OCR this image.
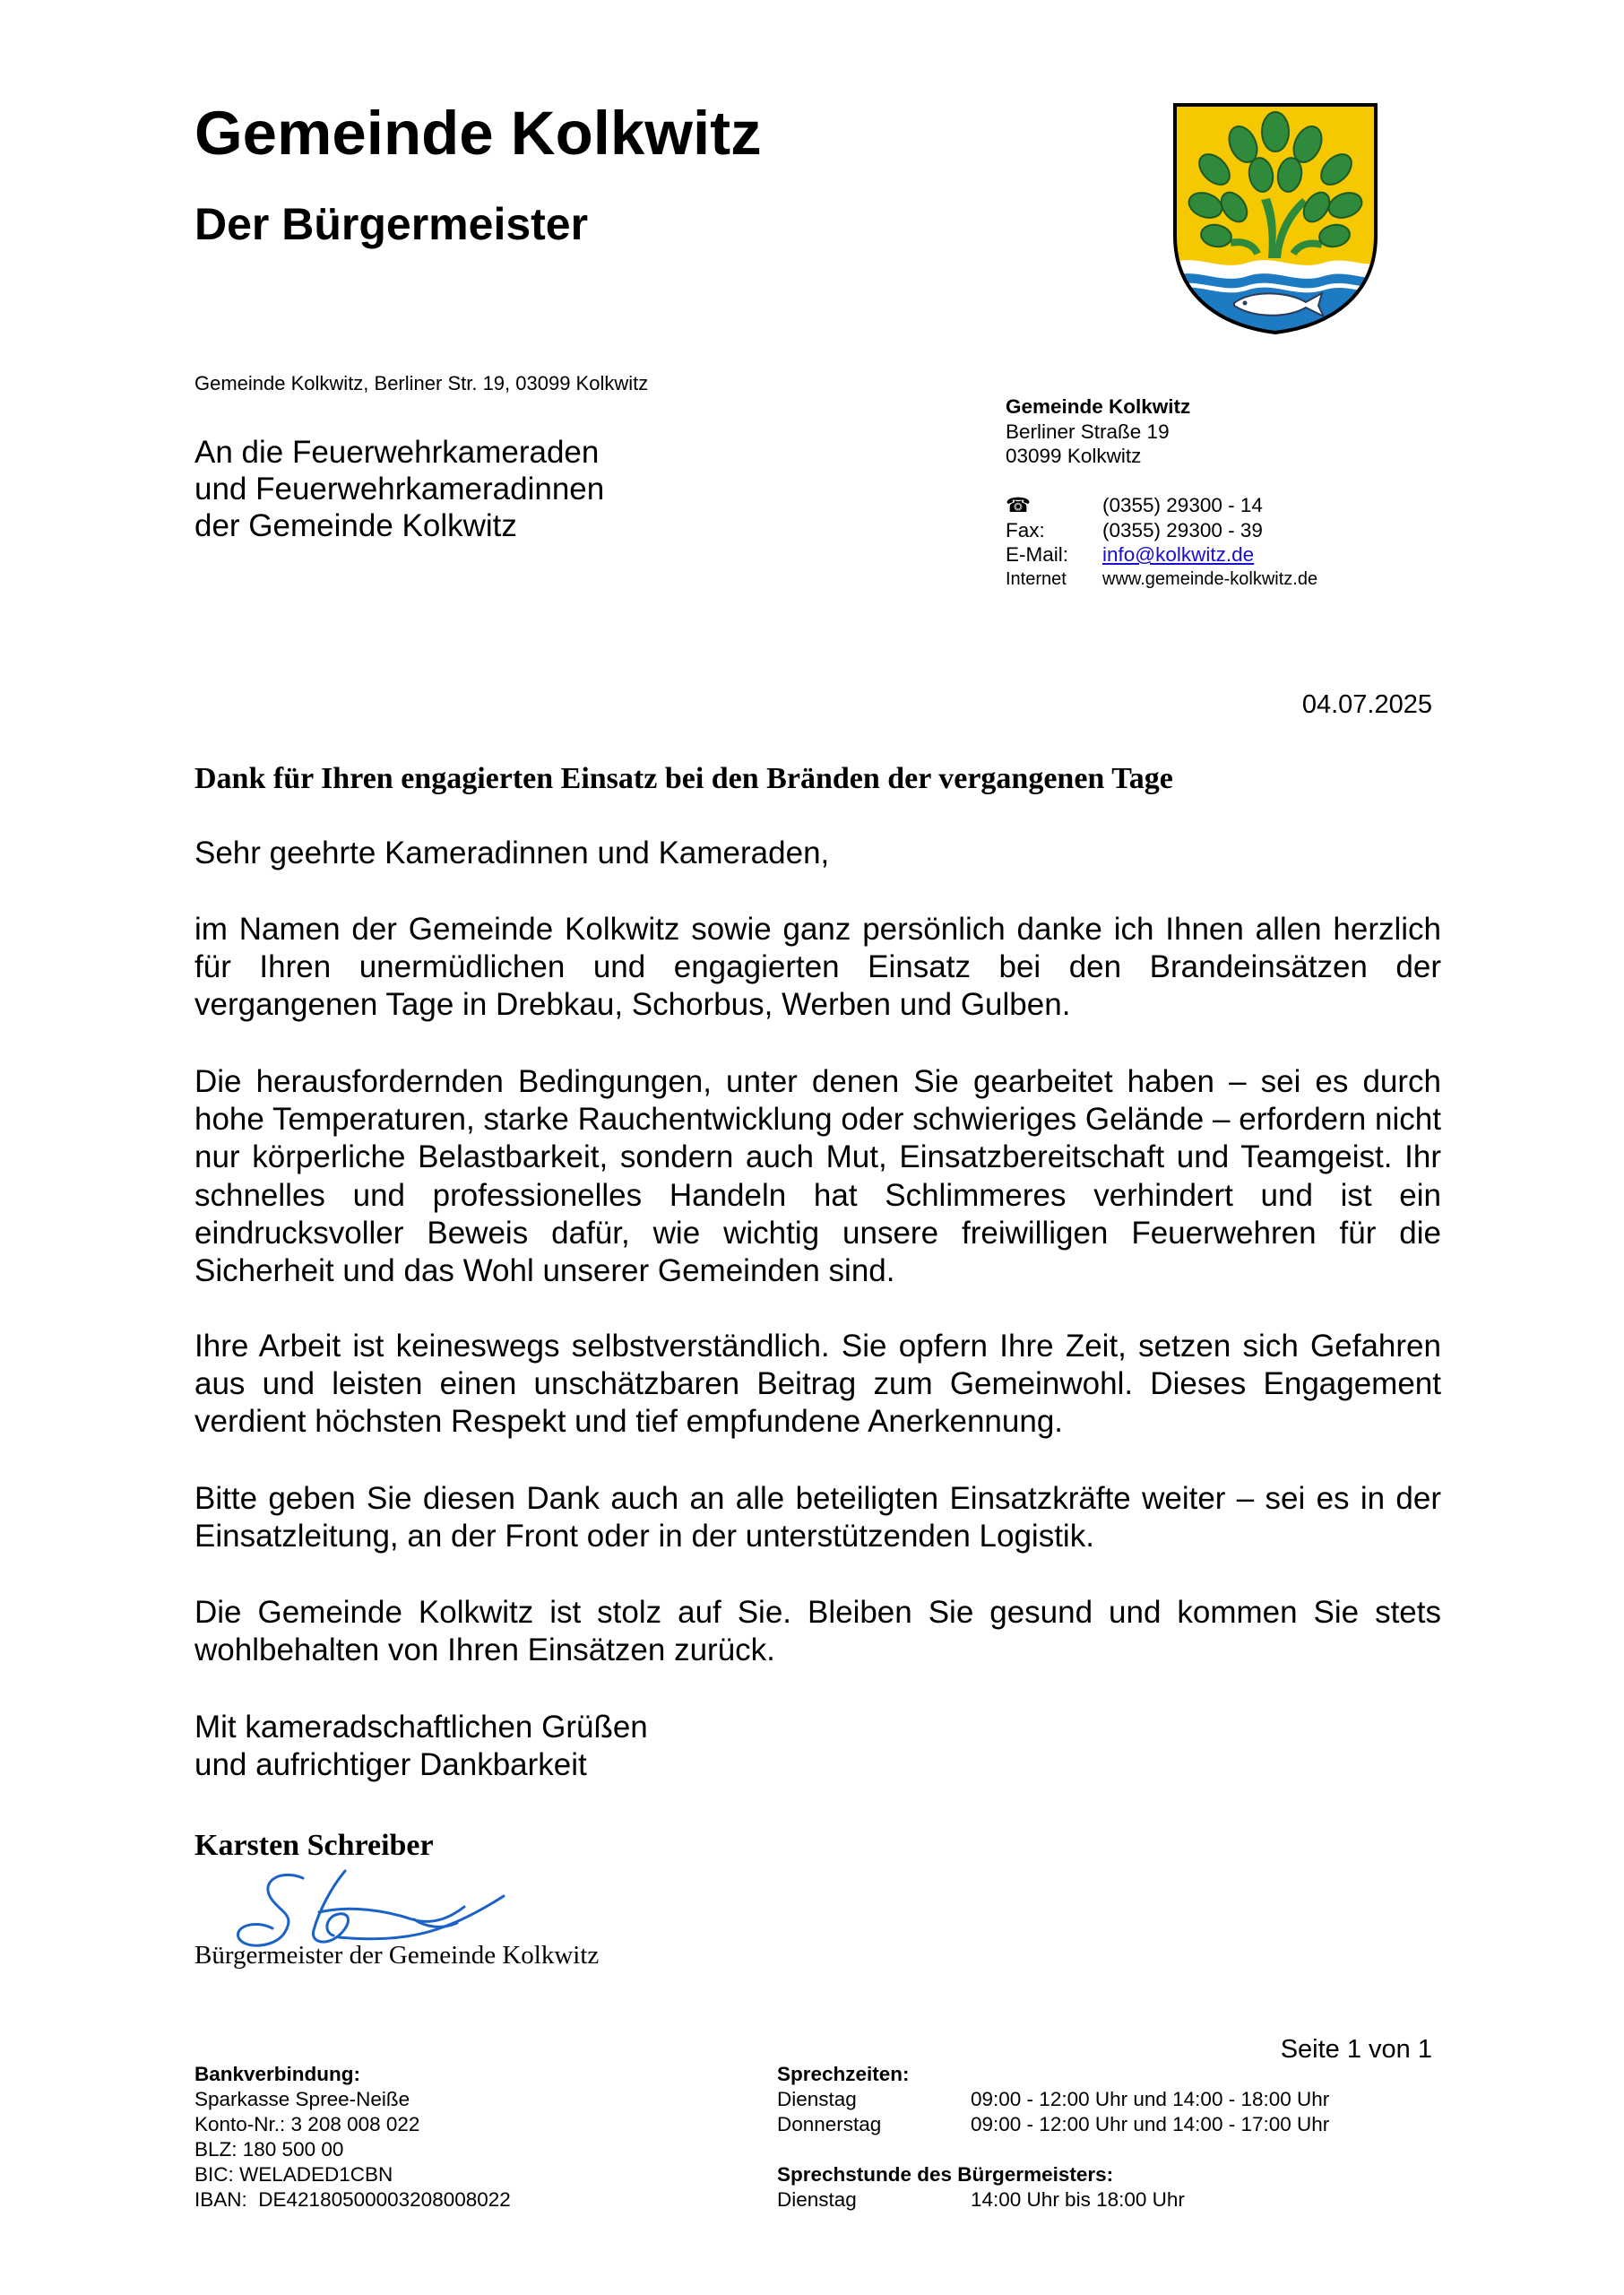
Gemeinde Kolkwitz
Der Bürgermeister
Gemeinde Kolkwitz, Berliner Str. 19, 03099 Kolkwitz
An die Feuerwehrkameraden
und Feuerwehrkameradinnen
der Gemeinde Kolkwitz
Gemeinde Kolkwitz
Berliner Straße 19
03099 Kolkwitz
☎	(0355) 29300 - 14
Fax:	(0355) 29300 - 39
E-Mail:	info@kolkwitz.de
Internet	www.gemeinde-kolkwitz.de
04.07.2025
Dank für Ihren engagierten Einsatz bei den Bränden der vergangenen Tage
Sehr geehrte Kameradinnen und Kameraden,

im Namen der Gemeinde Kolkwitz sowie ganz persönlich danke ich Ihnen allen herzlich für Ihren unermüdlichen und engagierten Einsatz bei den Brandeinsätzen der vergangenen Tage in Drebkau, Schorbus, Werben und Gulben.

Die herausfordernden Bedingungen, unter denen Sie gearbeitet haben – sei es durch hohe Temperaturen, starke Rauchentwicklung oder schwieriges Gelände – erfordern nicht nur körperliche Belastbarkeit, sondern auch Mut, Einsatzbereitschaft und Teamgeist. Ihr schnelles und professionelles Handeln hat Schlimmeres verhindert und ist ein eindrucksvoller Beweis dafür, wie wichtig unsere freiwilligen Feuerwehren für die Sicherheit und das Wohl unserer Gemeinden sind.

Ihre Arbeit ist keineswegs selbstverständlich. Sie opfern Ihre Zeit, setzen sich Gefahren aus und leisten einen unschätzbaren Beitrag zum Gemeinwohl. Dieses Engagement verdient höchsten Respekt und tief empfundene Anerkennung.

Bitte geben Sie diesen Dank auch an alle beteiligten Einsatzkräfte weiter – sei es in der Einsatzleitung, an der Front oder in der unterstützenden Logistik.

Die Gemeinde Kolkwitz ist stolz auf Sie. Bleiben Sie gesund und kommen Sie stets wohlbehalten von Ihren Einsätzen zurück.

Mit kameradschaftlichen Grüßen
und aufrichtiger Dankbarkeit
Karsten Schreiber
Bürgermeister der Gemeinde Kolkwitz
Seite 1 von 1
Bankverbindung:
Sparkasse Spree-Neiße
Konto-Nr.: 3 208 008 022
BLZ: 180 500 00
BIC: WELADED1CBN
IBAN:  DE42180500003208008022
Sprechzeiten:
Dienstag	09:00 - 12:00 Uhr und 14:00 - 18:00 Uhr
Donnerstag	09:00 - 12:00 Uhr und 14:00 - 17:00 Uhr
Sprechstunde des Bürgermeisters:
Dienstag	14:00 Uhr bis 18:00 Uhr
